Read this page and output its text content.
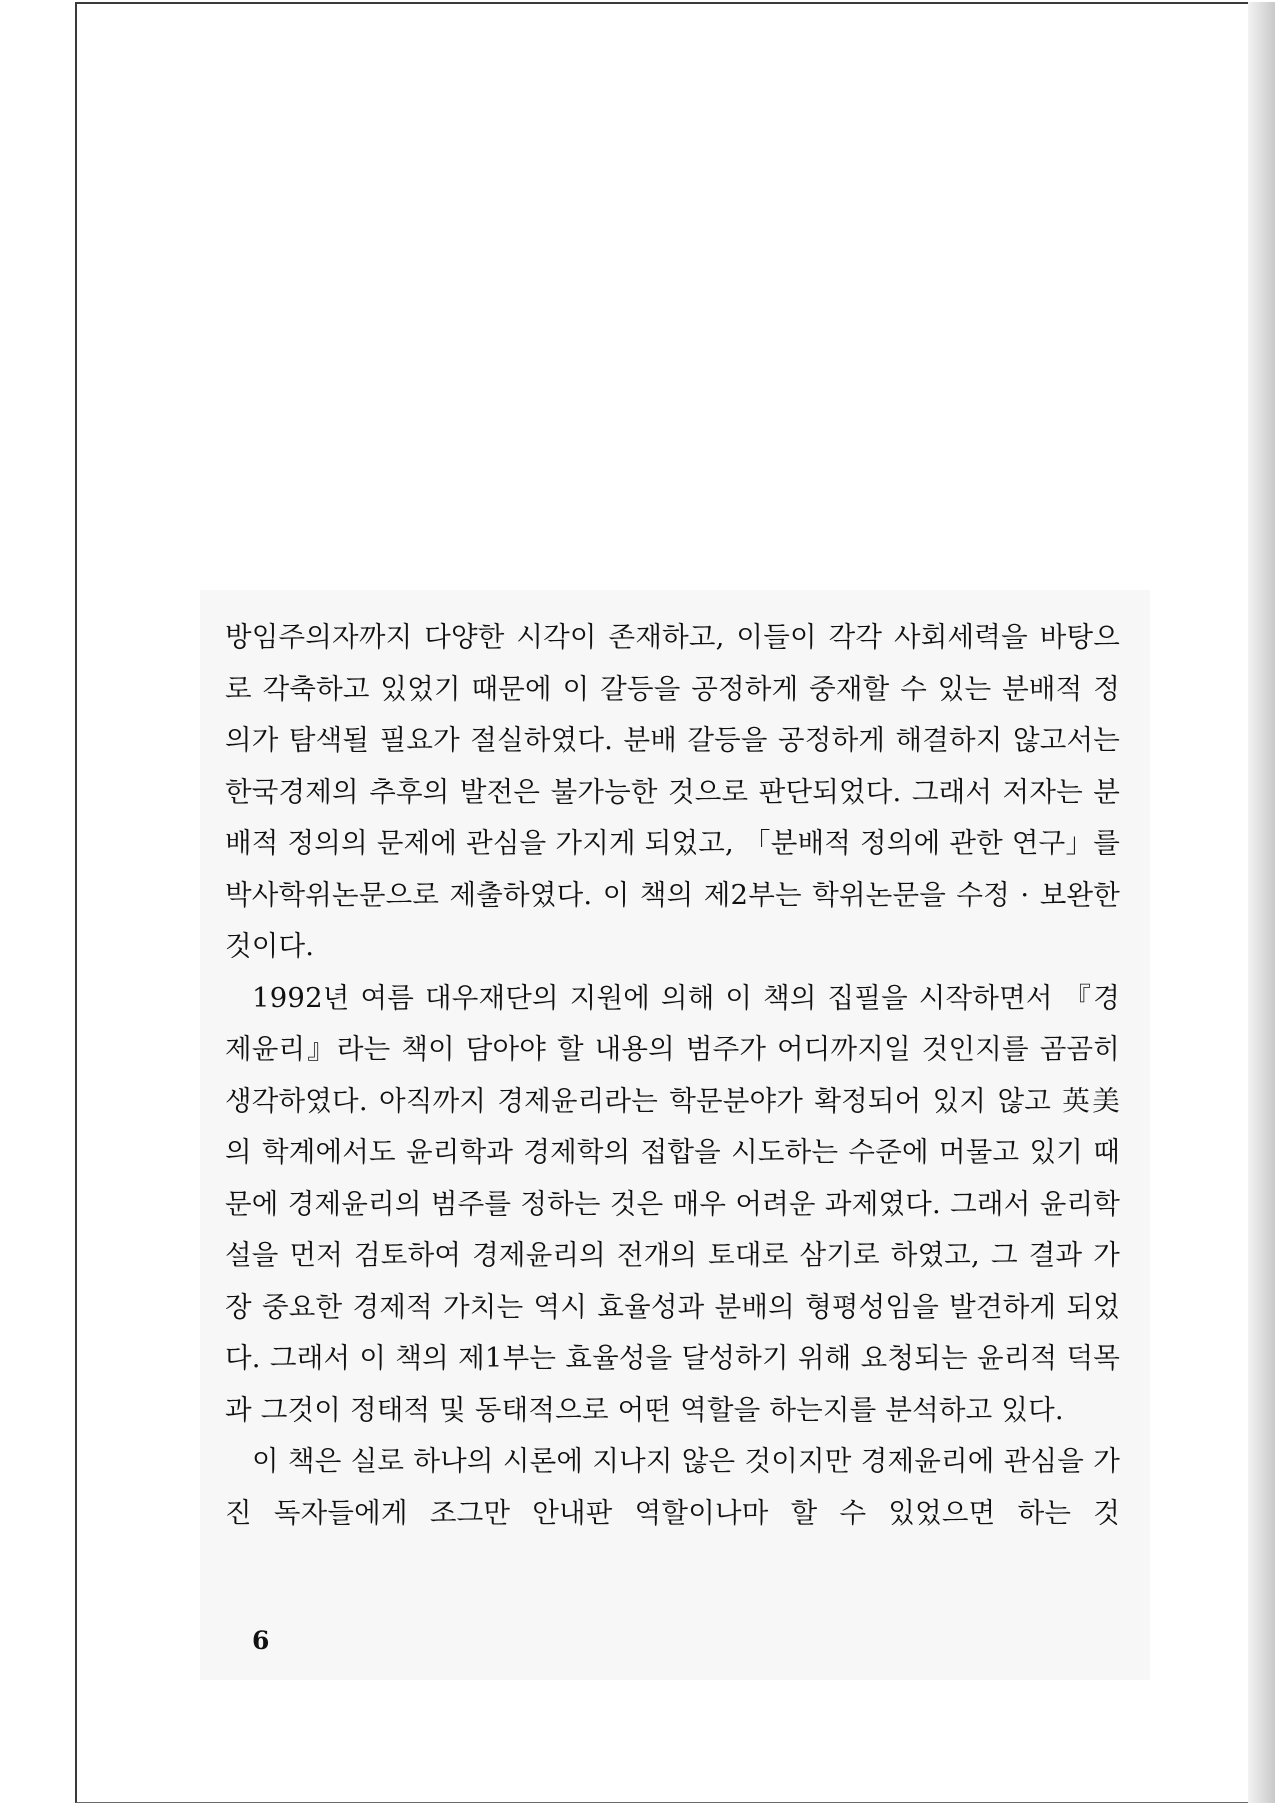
방임주의자까지 다양한 시각이 존재하고, 이들이 각각 사회세력을 바탕으로 각축하고 있었기 때문에 이 갈등을 공정하게 중재할 수 있는 분배적 정의가 탐색될 필요가 절실하였다. 분배 갈등을 공정하게 해결하지 않고서는 한국경제의 추후의 발전은 불가능한 것으로 판단되었다. 그래서 저자는 분배적 정의의 문제에 관심을 가지게 되었고, 「분배적 정의에 관한 연구」를 박사학위논문으로 제출하였다. 이 책의 제2부는 학위논문을 수정 · 보완한 것이다.

1992년 여름 대우재단의 지원에 의해 이 책의 집필을 시작하면서 『경제윤리』라는 책이 담아야 할 내용의 범주가 어디까지일 것인지를 곰곰히 생각하였다. 아직까지 경제윤리라는 학문분야가 확정되어 있지 않고 英美의 학계에서도 윤리학과 경제학의 접합을 시도하는 수준에 머물고 있기 때문에 경제윤리의 범주를 정하는 것은 매우 어려운 과제였다. 그래서 윤리학설을 먼저 검토하여 경제윤리의 전개의 토대로 삼기로 하였고, 그 결과 가장 중요한 경제적 가치는 역시 효율성과 분배의 형평성임을 발견하게 되었다. 그래서 이 책의 제1부는 효율성을 달성하기 위해 요청되는 윤리적 덕목과 그것이 정태적 및 동태적으로 어떤 역할을 하는지를 분석하고 있다.

이 책은 실로 하나의 시론에 지나지 않은 것이지만 경제윤리에 관심을 가진 독자들에게 조그만 안내판 역할이나마 할 수 있었으면 하는 것

6
